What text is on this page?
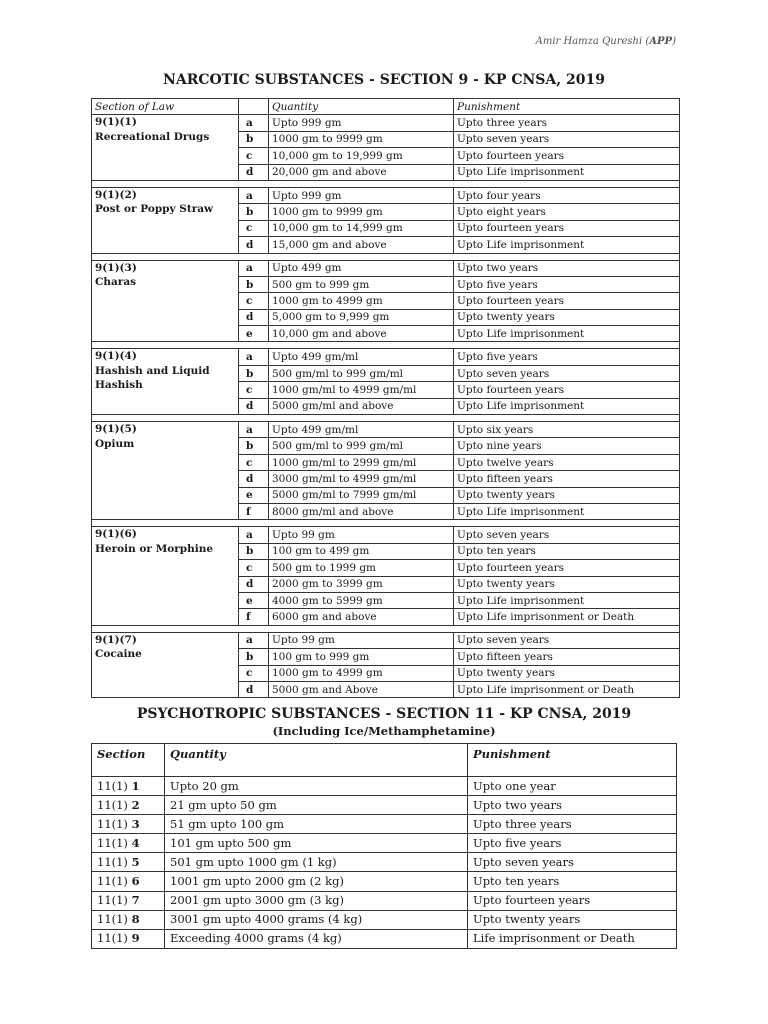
Amir Hamza Qureshi (APP)
NARCOTIC SUBSTANCES - SECTION 9 - KP CNSA, 2019
Section of Law		Quantity	Punishment
9(1)(1)
Recreational Drugs	a	Upto 999 gm	Upto three years
	b	1000 gm to 9999 gm	Upto seven years
	c	10,000 gm to 19,999 gm	Upto fourteen years
	d	20,000 gm and above	Upto Life imprisonment

9(1)(2)
Post or Poppy Straw	a	Upto 999 gm	Upto four years
	b	1000 gm to 9999 gm	Upto eight years
	c	10,000 gm to 14,999 gm	Upto fourteen years
	d	15,000 gm and above	Upto Life imprisonment

9(1)(3)
Charas	a	Upto 499 gm	Upto two years
	b	500 gm to 999 gm	Upto five years
	c	1000 gm to 4999 gm	Upto fourteen years
	d	5,000 gm to 9,999 gm	Upto twenty years
	e	10,000 gm and above	Upto Life imprisonment

9(1)(4)
Hashish and Liquid Hashish	a	Upto 499 gm/ml	Upto five years
	b	500 gm/ml to 999 gm/ml	Upto seven years
	c	1000 gm/ml to 4999 gm/ml	Upto fourteen years
	d	5000 gm/ml and above	Upto Life imprisonment

9(1)(5)
Opium	a	Upto 499 gm/ml	Upto six years
	b	500 gm/ml to 999 gm/ml	Upto nine years
	c	1000 gm/ml to 2999 gm/ml	Upto twelve years
	d	3000 gm/ml to 4999 gm/ml	Upto fifteen years
	e	5000 gm/ml to 7999 gm/ml	Upto twenty years
	f	8000 gm/ml and above	Upto Life imprisonment

9(1)(6)
Heroin or Morphine	a	Upto 99 gm	Upto seven years
	b	100 gm to 499 gm	Upto ten years
	c	500 gm to 1999 gm	Upto fourteen years
	d	2000 gm to 3999 gm	Upto twenty years
	e	4000 gm to 5999 gm	Upto Life imprisonment
	f	6000 gm and above	Upto Life imprisonment or Death

9(1)(7)
Cocaine	a	Upto 99 gm	Upto seven years
	b	100 gm to 999 gm	Upto fifteen years
	c	1000 gm to 4999 gm	Upto twenty years
	d	5000 gm and Above	Upto Life imprisonment or Death
PSYCHOTROPIC SUBSTANCES - SECTION 11 - KP CNSA, 2019
(Including Ice/Methamphetamine)
Section	Quantity	Punishment
11(1) 1	Upto 20 gm	Upto one year
11(1) 2	21 gm upto 50 gm	Upto two years
11(1) 3	51 gm upto 100 gm	Upto three years
11(1) 4	101 gm upto 500 gm	Upto five years
11(1) 5	501 gm upto 1000 gm (1 kg)	Upto seven years
11(1) 6	1001 gm upto 2000 gm (2 kg)	Upto ten years
11(1) 7	2001 gm upto 3000 gm (3 kg)	Upto fourteen years
11(1) 8	3001 gm upto 4000 grams (4 kg)	Upto twenty years
11(1) 9	Exceeding 4000 grams (4 kg)	Life imprisonment or Death
